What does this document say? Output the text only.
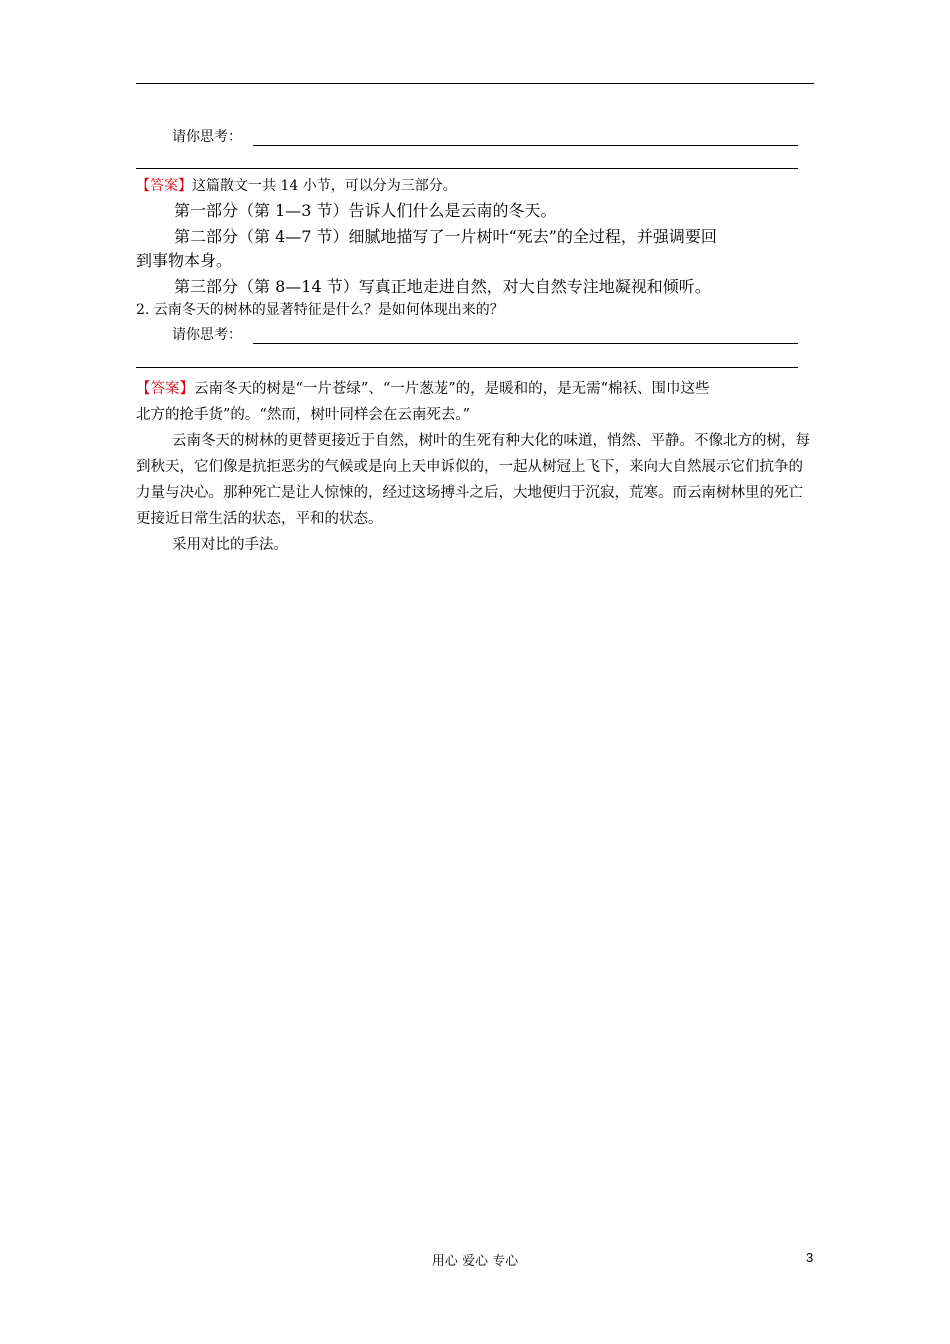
请你思考：
【答案】这篇散文一共 14 小节，可以分为三部分。
第一部分（第 1—3 节）告诉人们什么是云南的冬天。
第二部分（第 4—7 节）细腻地描写了一片树叶“死去”的全过程，并强调要回
到事物本身。
第三部分（第 8—14 节）写真正地走进自然，对大自然专注地凝视和倾听。
2. 云南冬天的树林的显著特征是什么？是如何体现出来的？
请你思考：

【答案】云南冬天的树是“一片苍绿”、“一片葱茏”的，是暖和的，是无需“棉袄、围巾这些

北方的抢手货”的。“然而，树叶同样会在云南死去。”

云南冬天的树林的更替更接近于自然，树叶的生死有种大化的味道，悄然、平静。不像北方的树，每到秋天，它们像是抗拒恶劣的气候或是向上天申诉似的，一起从树冠上飞下，来向大自然展示它们抗争的力量与决心。那种死亡是让人惊悚的，经过这场搏斗之后，大地便归于沉寂，荒寒。而云南树林里的死亡更接近日常生活的状态，平和的状态。

采用对比的手法。

用心 爱心 专心	3
